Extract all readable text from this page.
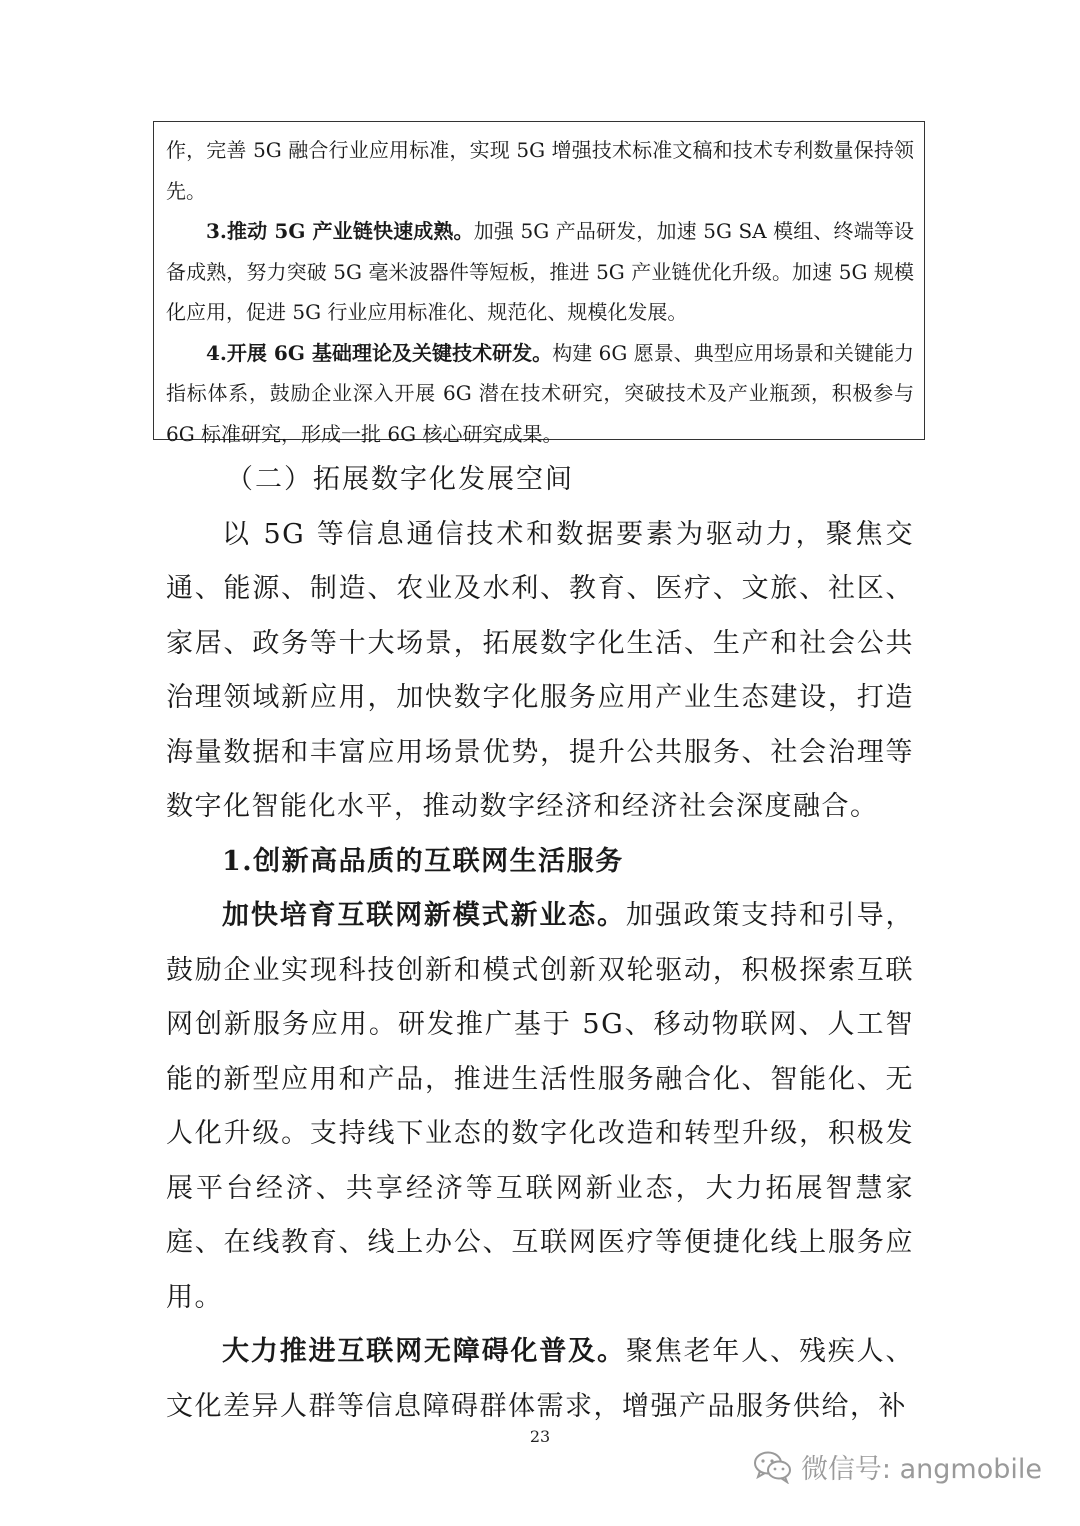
作，完善 5G 融合行业应用标准，实现 5G 增强技术标准文稿和技术专利数量保持领先。

3.推动 5G 产业链快速成熟。加强 5G 产品研发，加速 5G SA 模组、终端等设备成熟，努力突破 5G 毫米波器件等短板，推进 5G 产业链优化升级。加速 5G 规模化应用，促进 5G 行业应用标准化、规范化、规模化发展。

4.开展 6G 基础理论及关键技术研发。构建 6G 愿景、典型应用场景和关键能力指标体系，鼓励企业深入开展 6G 潜在技术研究，突破技术及产业瓶颈，积极参与 6G 标准研究，形成一批 6G 核心研究成果。

（二）拓展数字化发展空间

以 5G 等信息通信技术和数据要素为驱动力，聚焦交通、能源、制造、农业及水利、教育、医疗、文旅、社区、家居、政务等十大场景，拓展数字化生活、生产和社会公共治理领域新应用，加快数字化服务应用产业生态建设，打造海量数据和丰富应用场景优势，提升公共服务、社会治理等数字化智能化水平，推动数字经济和经济社会深度融合。

1.创新高品质的互联网生活服务

加快培育互联网新模式新业态。加强政策支持和引导，鼓励企业实现科技创新和模式创新双轮驱动，积极探索互联网创新服务应用。研发推广基于 5G、移动物联网、人工智能的新型应用和产品，推进生活性服务融合化、智能化、无人化升级。支持线下业态的数字化改造和转型升级，积极发展平台经济、共享经济等互联网新业态，大力拓展智慧家庭、在线教育、线上办公、互联网医疗等便捷化线上服务应用。

大力推进互联网无障碍化普及。聚焦老年人、残疾人、文化差异人群等信息障碍群体需求，增强产品服务供给，补

23
微信号: angmobile
